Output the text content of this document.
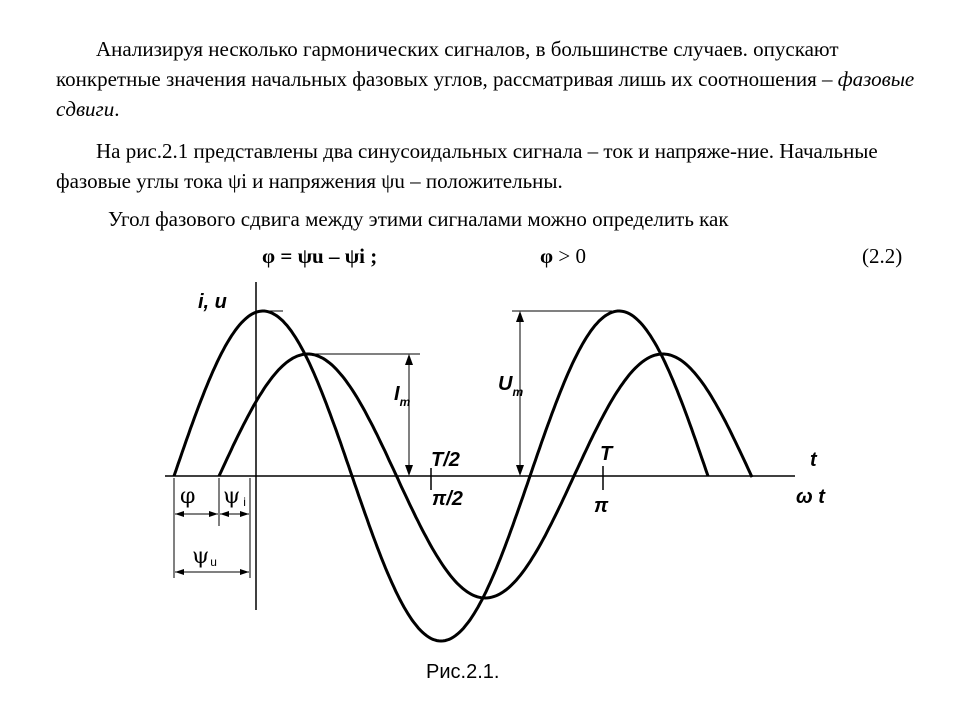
Анализируя несколько гармонических сигналов, в большинстве случаев. опускают конкретные значения начальных фазовых углов, рассматривая лишь их соотношения – фазовые сдвиги.
На рис.2.1 представлены два синусоидальных сигнала – ток и напряже-ние. Начальные фазовые углы тока ψi и напряжения ψu – положительны.
Угол фазового сдвига между этими сигналами можно определить как
φ = ψu – ψi ;	φ > 0	(2.2)
i, u
t
ω t
$I_m$
$U_m$
T/2
π/2
T
π
φ ψi
ψu
Рис.2.1.
